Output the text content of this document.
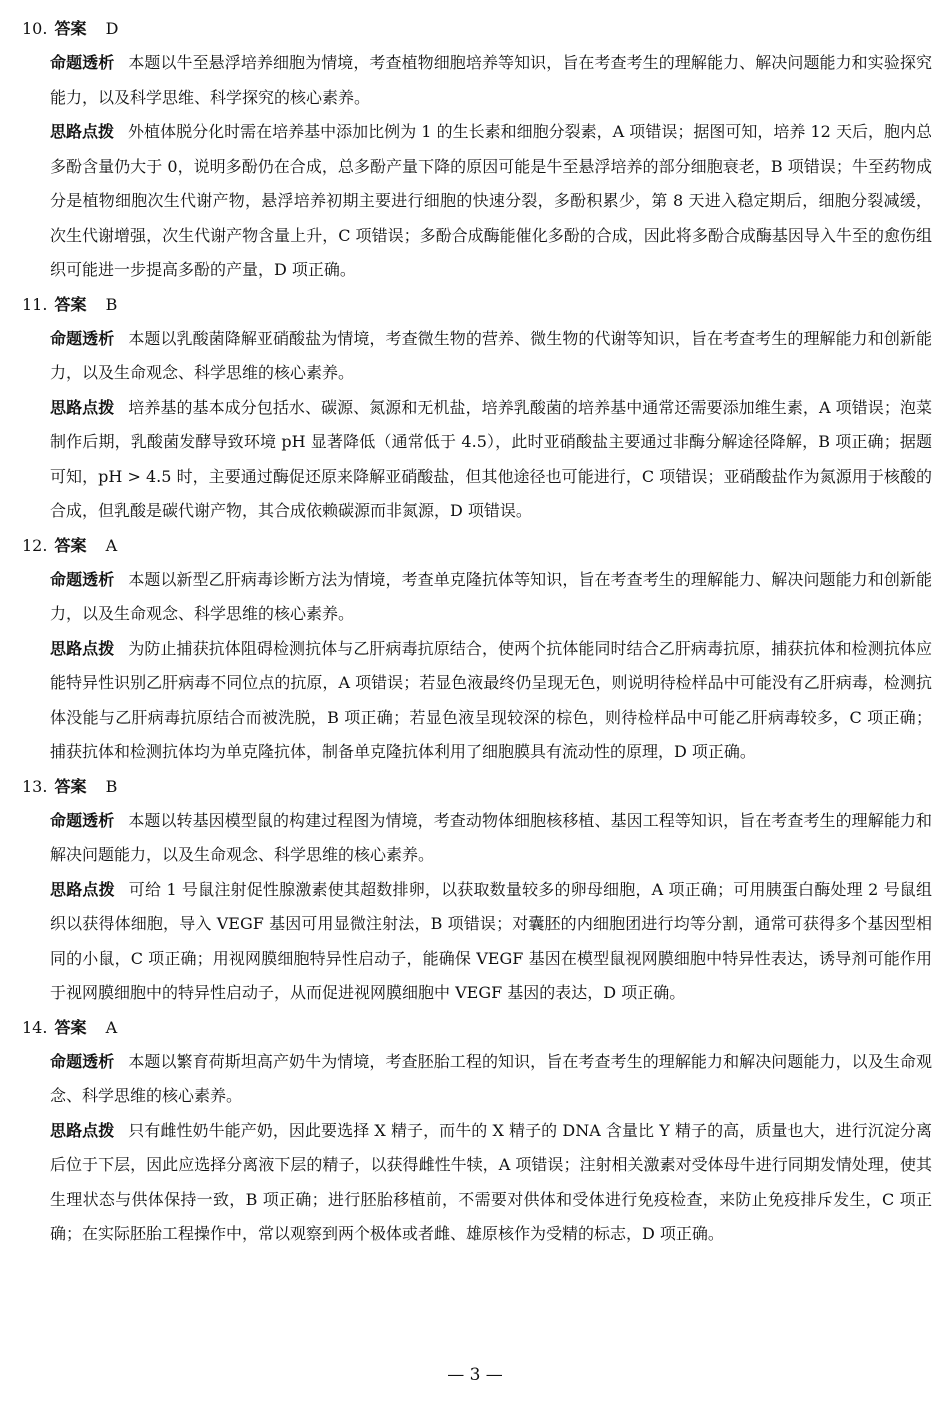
10. 答案 D

命题透析 本题以牛至悬浮培养细胞为情境，考查植物细胞培养等知识，旨在考查考生的理解能力、解决问题能力和实验探究能力，以及科学思维、科学探究的核心素养。

思路点拨 外植体脱分化时需在培养基中添加比例为 1 的生长素和细胞分裂素，A 项错误；据图可知，培养 12 天后，胞内总多酚含量仍大于 0，说明多酚仍在合成，总多酚产量下降的原因可能是牛至悬浮培养的部分细胞衰老，B 项错误；牛至药物成分是植物细胞次生代谢产物，悬浮培养初期主要进行细胞的快速分裂，多酚积累少，第 8 天进入稳定期后，细胞分裂减缓，次生代谢增强，次生代谢产物含量上升，C 项错误；多酚合成酶能催化多酚的合成，因此将多酚合成酶基因导入牛至的愈伤组织可能进一步提高多酚的产量，D 项正确。

11. 答案 B

命题透析 本题以乳酸菌降解亚硝酸盐为情境，考查微生物的营养、微生物的代谢等知识，旨在考查考生的理解能力和创新能力，以及生命观念、科学思维的核心素养。

思路点拨 培养基的基本成分包括水、碳源、氮源和无机盐，培养乳酸菌的培养基中通常还需要添加维生素，A 项错误；泡菜制作后期，乳酸菌发酵导致环境 pH 显著降低（通常低于 4.5），此时亚硝酸盐主要通过非酶分解途径降解，B 项正确；据题可知，pH > 4.5 时，主要通过酶促还原来降解亚硝酸盐，但其他途径也可能进行，C 项错误；亚硝酸盐作为氮源用于核酸的合成，但乳酸是碳代谢产物，其合成依赖碳源而非氮源，D 项错误。

12. 答案 A

命题透析 本题以新型乙肝病毒诊断方法为情境，考查单克隆抗体等知识，旨在考查考生的理解能力、解决问题能力和创新能力，以及生命观念、科学思维的核心素养。

思路点拨 为防止捕获抗体阻碍检测抗体与乙肝病毒抗原结合，使两个抗体能同时结合乙肝病毒抗原，捕获抗体和检测抗体应能特异性识别乙肝病毒不同位点的抗原，A 项错误；若显色液最终仍呈现无色，则说明待检样品中可能没有乙肝病毒，检测抗体没能与乙肝病毒抗原结合而被洗脱，B 项正确；若显色液呈现较深的棕色，则待检样品中可能乙肝病毒较多，C 项正确；捕获抗体和检测抗体均为单克隆抗体，制备单克隆抗体利用了细胞膜具有流动性的原理，D 项正确。

13. 答案 B

命题透析 本题以转基因模型鼠的构建过程图为情境，考查动物体细胞核移植、基因工程等知识，旨在考查考生的理解能力和解决问题能力，以及生命观念、科学思维的核心素养。

思路点拨 可给 1 号鼠注射促性腺激素使其超数排卵，以获取数量较多的卵母细胞，A 项正确；可用胰蛋白酶处理 2 号鼠组织以获得体细胞，导入 VEGF 基因可用显微注射法，B 项错误；对囊胚的内细胞团进行均等分割，通常可获得多个基因型相同的小鼠，C 项正确；用视网膜细胞特异性启动子，能确保 VEGF 基因在模型鼠视网膜细胞中特异性表达，诱导剂可能作用于视网膜细胞中的特异性启动子，从而促进视网膜细胞中 VEGF 基因的表达，D 项正确。

14. 答案 A

命题透析 本题以繁育荷斯坦高产奶牛为情境，考查胚胎工程的知识，旨在考查考生的理解能力和解决问题能力，以及生命观念、科学思维的核心素养。

思路点拨 只有雌性奶牛能产奶，因此要选择 X 精子，而牛的 X 精子的 DNA 含量比 Y 精子的高，质量也大，进行沉淀分离后位于下层，因此应选择分离液下层的精子，以获得雌性牛犊，A 项错误；注射相关激素对受体母牛进行同期发情处理，使其生理状态与供体保持一致，B 项正确；进行胚胎移植前，不需要对供体和受体进行免疫检查，来防止免疫排斥发生，C 项正确；在实际胚胎工程操作中，常以观察到两个极体或者雌、雄原核作为受精的标志，D 项正确。

— 3 —
